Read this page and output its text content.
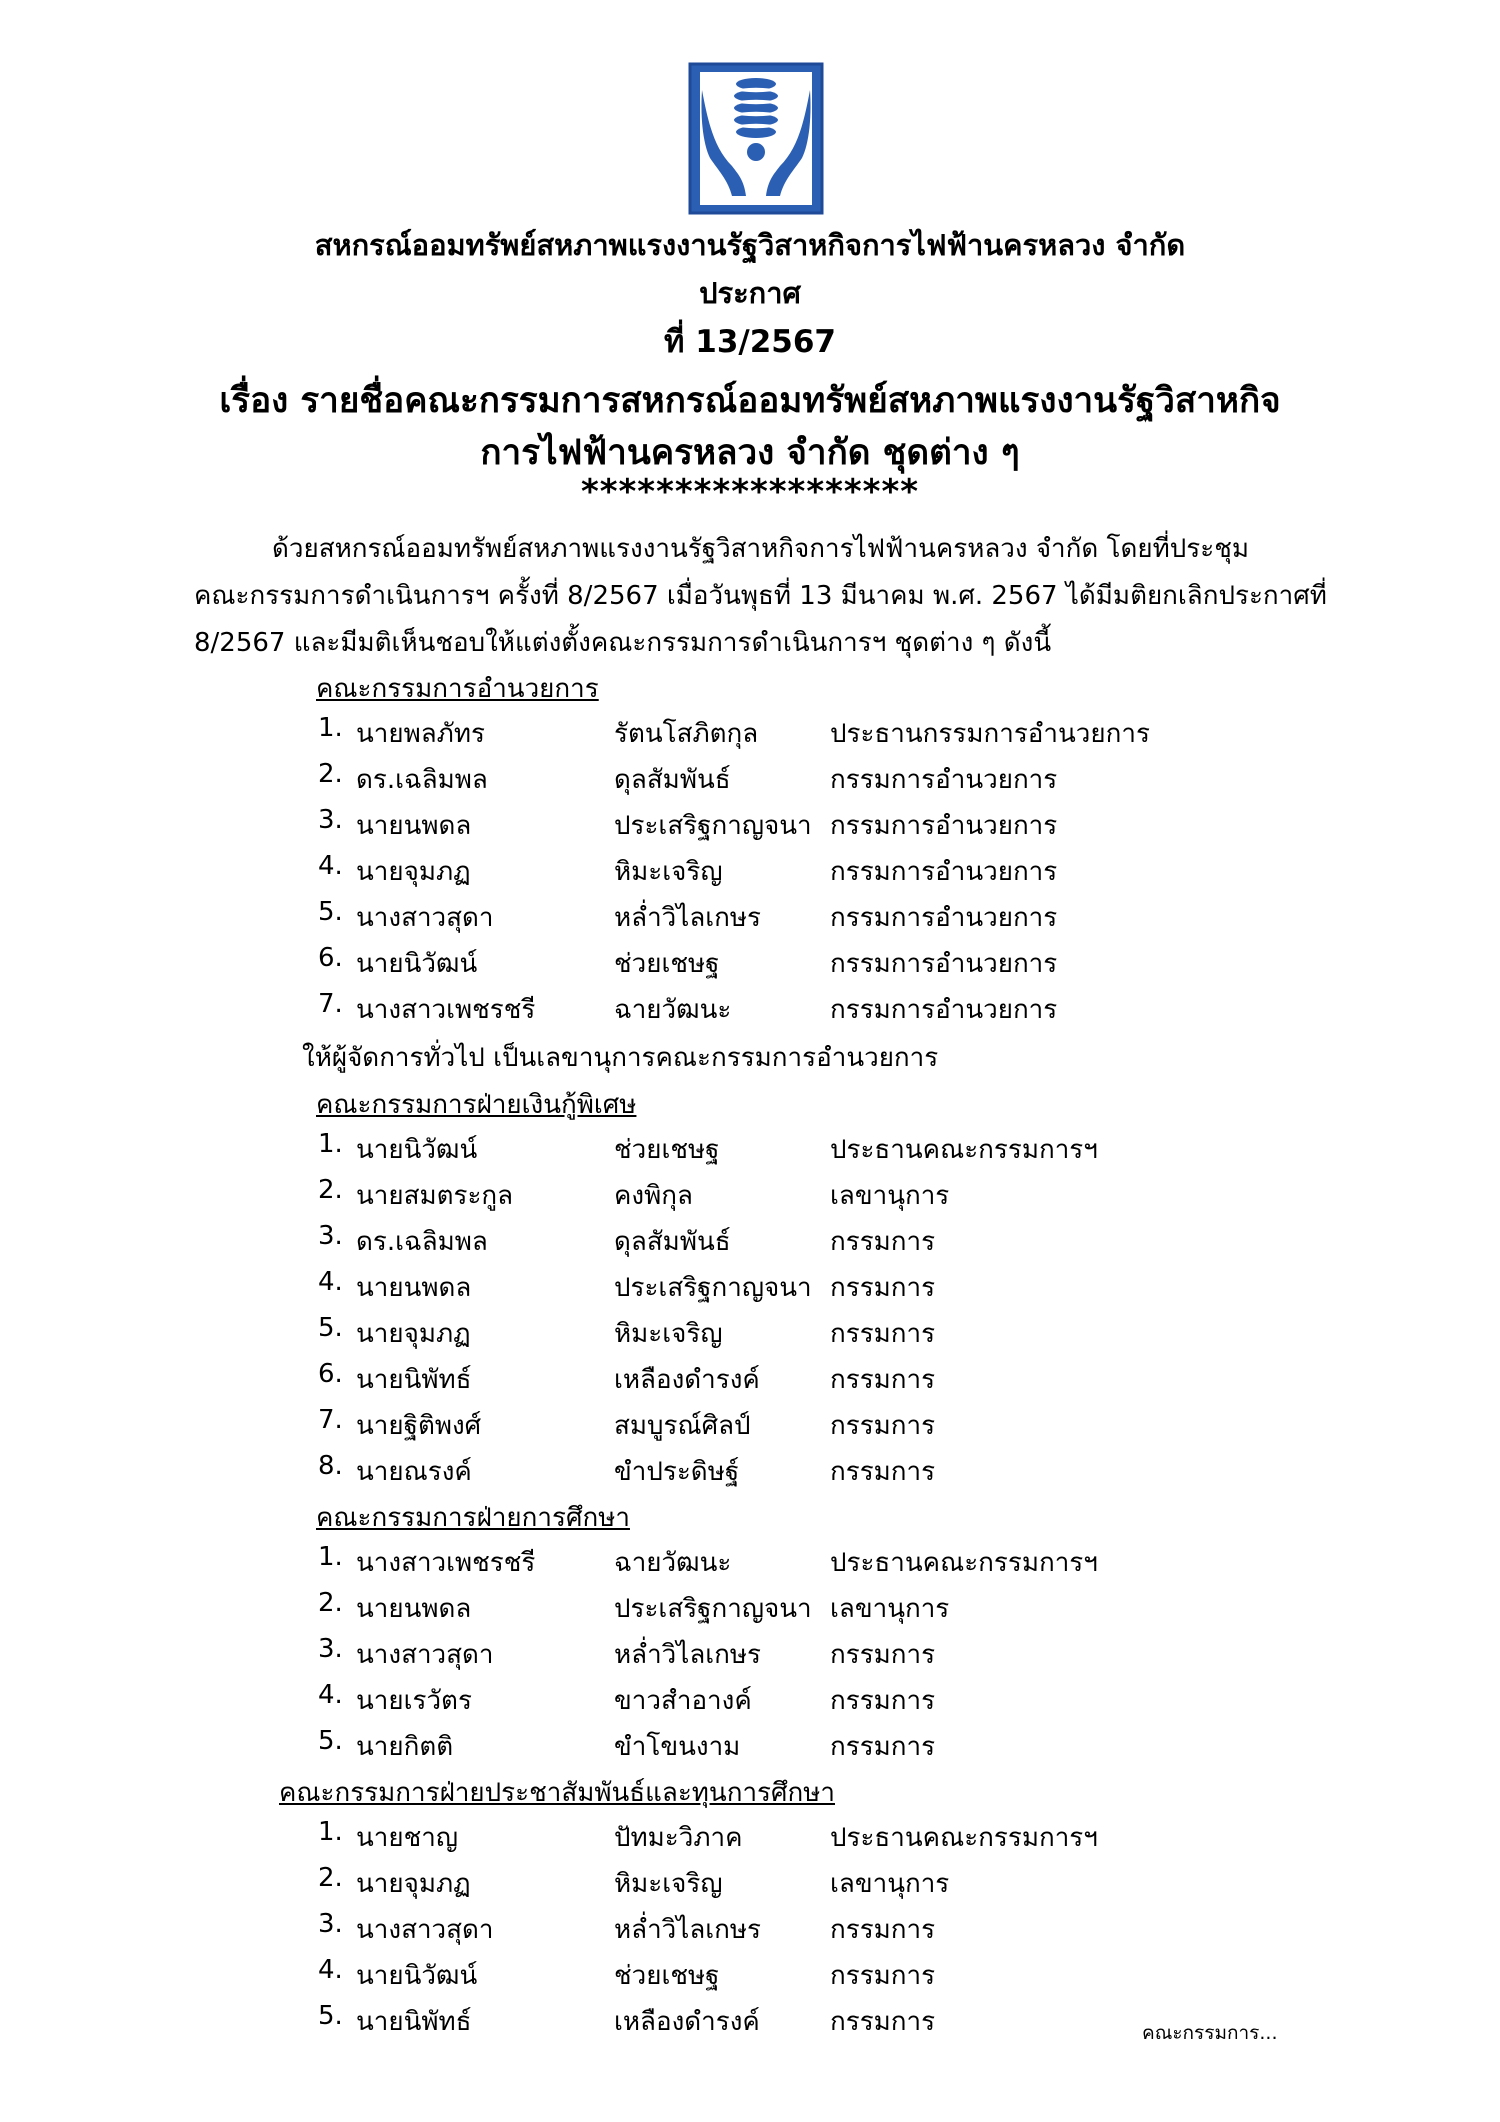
สหกรณ์ออมทรัพย์สหภาพแรงงานรัฐวิสาหกิจการไฟฟ้านครหลวง จำกัด
ประกาศ
ที่ 13/2567
เรื่อง รายชื่อคณะกรรมการสหกรณ์ออมทรัพย์สหภาพแรงงานรัฐวิสาหกิจ
การไฟฟ้านครหลวง จำกัด ชุดต่าง ๆ
******************
ด้วยสหกรณ์ออมทรัพย์สหภาพแรงงานรัฐวิสาหกิจการไฟฟ้านครหลวง จำกัด โดยที่ประชุม
คณะกรรมการดำเนินการฯ ครั้งที่ 8/2567 เมื่อวันพุธที่ 13 มีนาคม พ.ศ. 2567 ได้มีมติยกเลิกประกาศที่
8/2567 และมีมติเห็นชอบให้แต่งตั้งคณะกรรมการดำเนินการฯ ชุดต่าง ๆ ดังนี้
คณะกรรมการอำนวยการ
1. นายพลภัทร	รัตนโสภิตกุล	ประธานกรรมการอำนวยการ
2. ดร.เฉลิมพล	ดุลสัมพันธ์	กรรมการอำนวยการ
3. นายนพดล	ประเสริฐกาญจนา กรรมการอำนวยการ
4. นายจุมภฏ	หิมะเจริญ	กรรมการอำนวยการ
5. นางสาวสุดา	หล่ำวิไลเกษร	กรรมการอำนวยการ
6. นายนิวัฒน์	ช่วยเชษฐ	กรรมการอำนวยการ
7. นางสาวเพชรชรี	ฉายวัฒนะ	กรรมการอำนวยการ
ให้ผู้จัดการทั่วไป เป็นเลขานุการคณะกรรมการอำนวยการ
คณะกรรมการฝ่ายเงินกู้พิเศษ
1. นายนิวัฒน์	ช่วยเชษฐ	ประธานคณะกรรมการฯ
2. นายสมตระกูล	คงพิกุล	เลขานุการ
3. ดร.เฉลิมพล	ดุลสัมพันธ์	กรรมการ
4. นายนพดล	ประเสริฐกาญจนา กรรมการ
5. นายจุมภฏ	หิมะเจริญ	กรรมการ
6. นายนิพัทธ์	เหลืองดำรงค์	กรรมการ
7. นายฐิติพงศ์	สมบูรณ์ศิลป์	กรรมการ
8. นายณรงค์	ขำประดิษฐ์	กรรมการ
คณะกรรมการฝ่ายการศึกษา
1. นางสาวเพชรชรี	ฉายวัฒนะ	ประธานคณะกรรมการฯ
2. นายนพดล	ประเสริฐกาญจนา เลขานุการ
3. นางสาวสุดา	หล่ำวิไลเกษร	กรรมการ
4. นายเรวัตร	ขาวสำอางค์	กรรมการ
5. นายกิตติ	ขำโขนงาม	กรรมการ
คณะกรรมการฝ่ายประชาสัมพันธ์และทุนการศึกษา
1. นายชาญ	ปัทมะวิภาค	ประธานคณะกรรมการฯ
2. นายจุมภฏ	หิมะเจริญ	เลขานุการ
3. นางสาวสุดา	หล่ำวิไลเกษร	กรรมการ
4. นายนิวัฒน์	ช่วยเชษฐ	กรรมการ
5. นายนิพัทธ์	เหลืองดำรงค์	กรรมการ	คณะกรรมการ...
